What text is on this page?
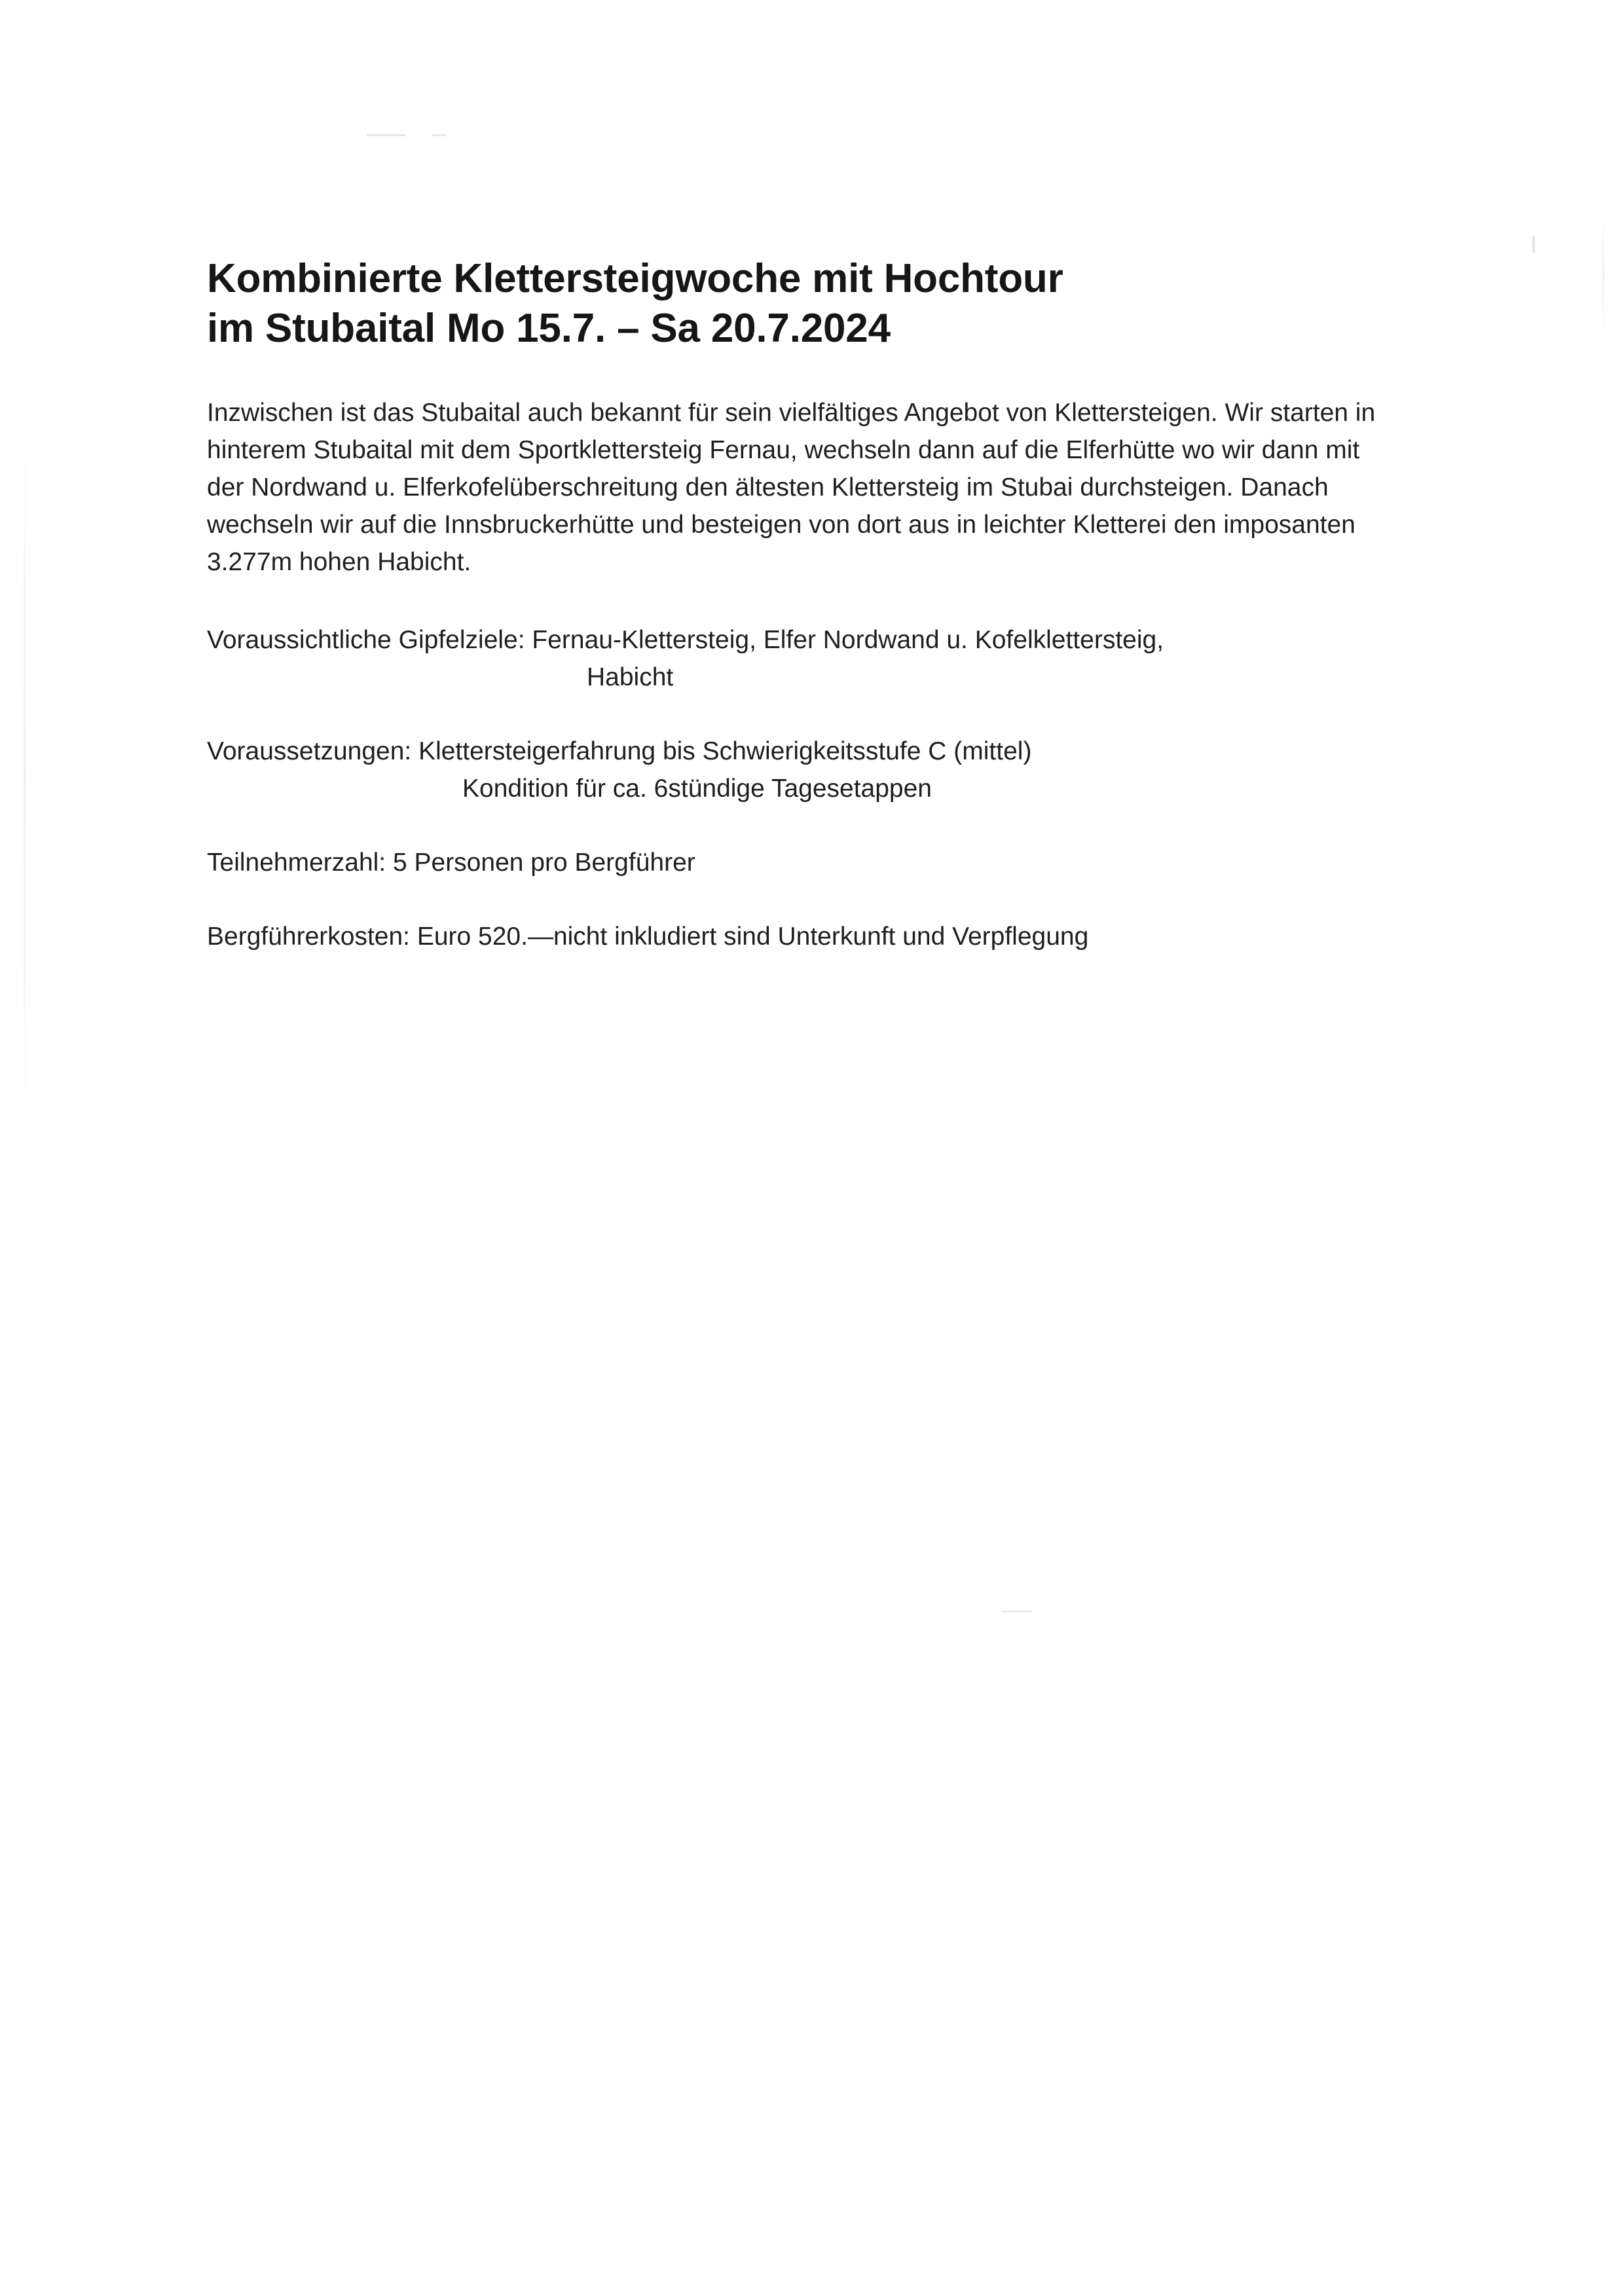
Kombinierte Klettersteigwoche mit Hochtour
im Stubaital Mo 15.7. – Sa 20.7.2024

Inzwischen ist das Stubaital auch bekannt für sein vielfältiges Angebot von Klettersteigen. Wir starten in hinterem Stubaital mit dem Sportklettersteig Fernau, wechseln dann auf die Elferhütte wo wir dann mit der Nordwand u. Elferkofelüberschreitung den ältesten Klettersteig im Stubai durchsteigen. Danach wechseln wir auf die Innsbruckerhütte und besteigen von dort aus in leichter Kletterei den imposanten 3.277m hohen Habicht.

Voraussichtliche Gipfelziele: Fernau-Klettersteig, Elfer Nordwand u. Kofelklettersteig,

Habicht

Voraussetzungen: Klettersteigerfahrung bis Schwierigkeitsstufe C (mittel)

Kondition für ca. 6stündige Tagesetappen

Teilnehmerzahl: 5 Personen pro Bergführer

Bergführerkosten: Euro 520.—nicht inkludiert sind Unterkunft und Verpflegung
